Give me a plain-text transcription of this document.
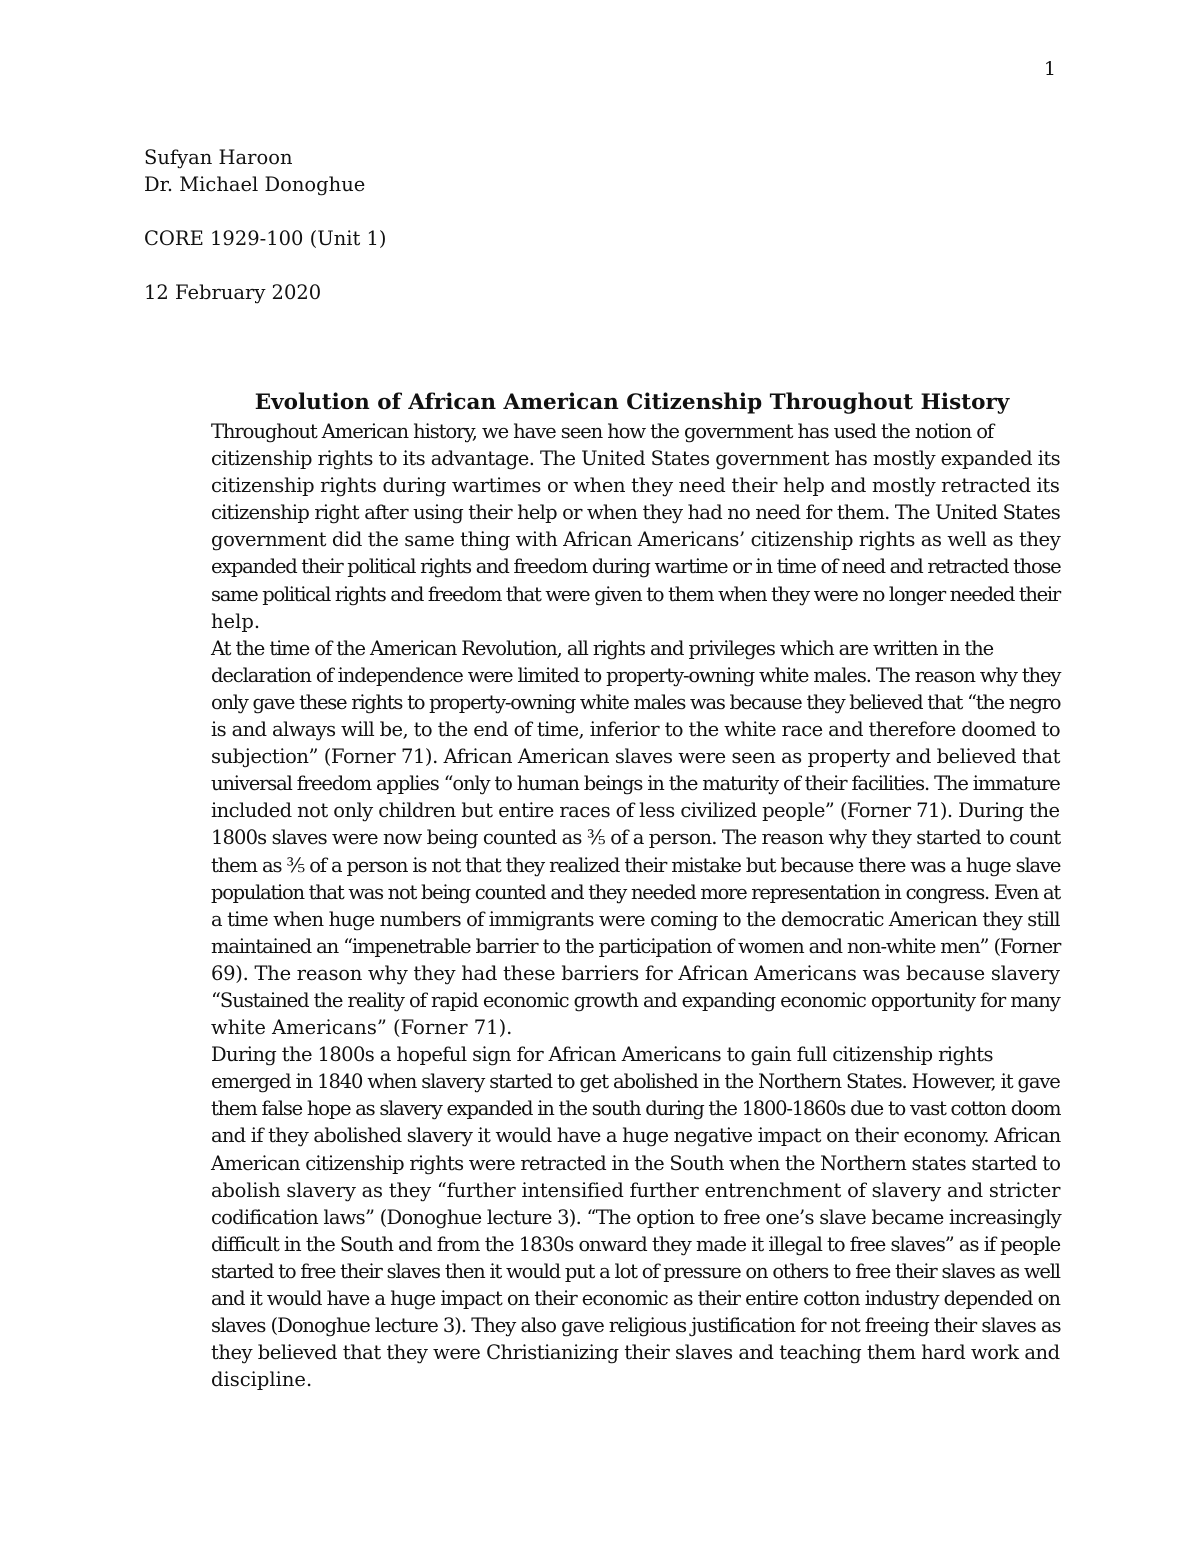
1
Sufyan Haroon
Dr. Michael Donoghue
CORE 1929-100 (Unit 1)
12 February 2020
Evolution of African American Citizenship Throughout History

Throughout American history, we have seen how the government has used the notion of
citizenship rights to its advantage. The United States government has mostly expanded its
citizenship rights during wartimes or when they need their help and mostly retracted its
citizenship right after using their help or when they had no need for them. The United States
government did the same thing with African Americans’ citizenship rights as well as they
expanded their political rights and freedom during wartime or in time of need and retracted those
same political rights and freedom that were given to them when they were no longer needed their
help.

At the time of the American Revolution, all rights and privileges which are written in the
declaration of independence were limited to property-owning white males. The reason why they
only gave these rights to property-owning white males was because they believed that “the negro
is and always will be, to the end of time, inferior to the white race and therefore doomed to
subjection” (Forner 71). African American slaves were seen as property and believed that
universal freedom applies “only to human beings in the maturity of their facilities. The immature
included not only children but entire races of less civilized people” (Forner 71). During the
1800s slaves were now being counted as ⅗ of a person. The reason why they started to count
them as ⅗ of a person is not that they realized their mistake but because there was a huge slave
population that was not being counted and they needed more representation in congress. Even at
a time when huge numbers of immigrants were coming to the democratic American they still
maintained an “impenetrable barrier to the participation of women and non-white men” (Forner
69). The reason why they had these barriers for African Americans was because slavery
“Sustained the reality of rapid economic growth and expanding economic opportunity for many
white Americans” (Forner 71).

During the 1800s a hopeful sign for African Americans to gain full citizenship rights
emerged in 1840 when slavery started to get abolished in the Northern States. However, it gave
them false hope as slavery expanded in the south during the 1800-1860s due to vast cotton doom
and if they abolished slavery it would have a huge negative impact on their economy. African
American citizenship rights were retracted in the South when the Northern states started to
abolish slavery as they “further intensified further entrenchment of slavery and stricter
codification laws” (Donoghue lecture 3). “The option to free one’s slave became increasingly
difficult in the South and from the 1830s onward they made it illegal to free slaves” as if people
started to free their slaves then it would put a lot of pressure on others to free their slaves as well
and it would have a huge impact on their economic as their entire cotton industry depended on
slaves (Donoghue lecture 3). They also gave religious justification for not freeing their slaves as
they believed that they were Christianizing their slaves and teaching them hard work and
discipline.
